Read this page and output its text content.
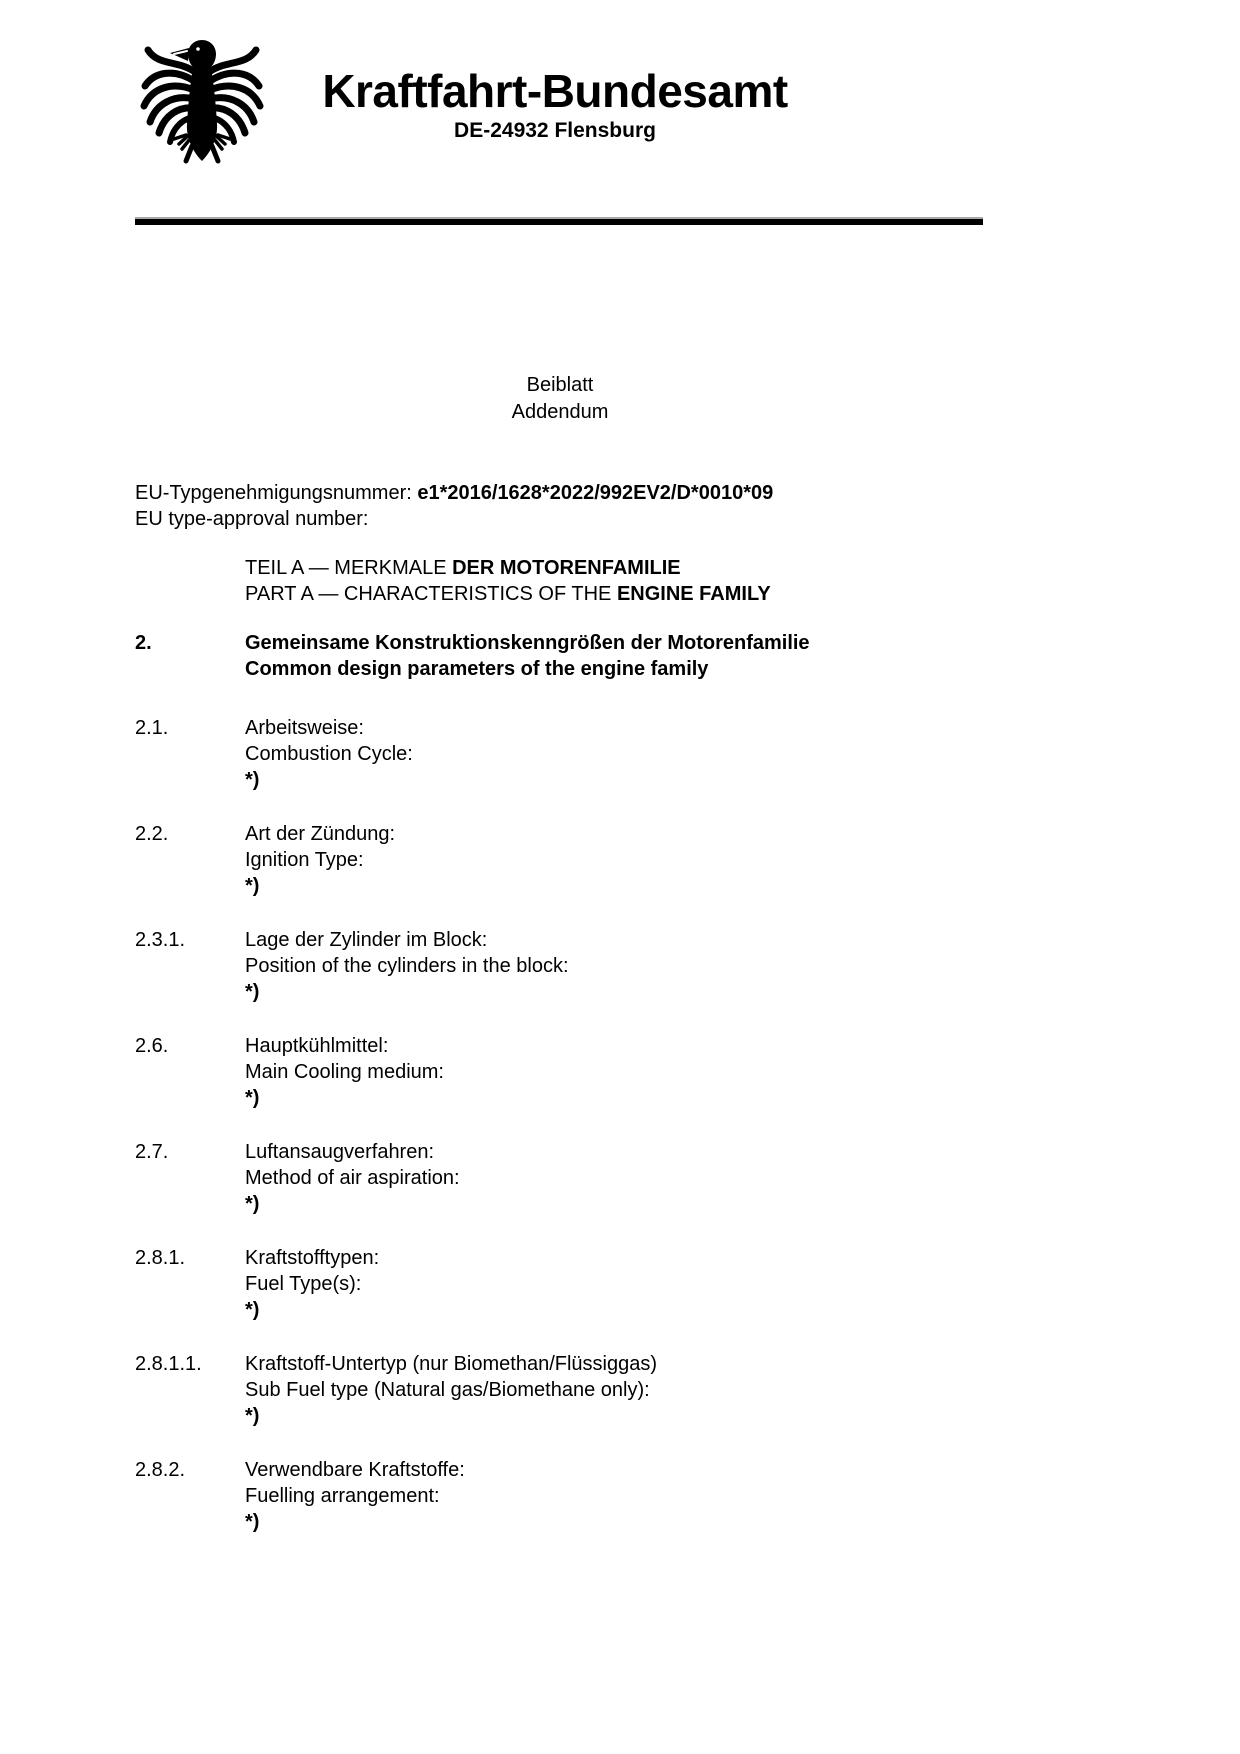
Kraftfahrt-Bundesamt
DE-24932 Flensburg
Beiblatt
Addendum
EU-Typgenehmigungsnummer: e1*2016/1628*2022/992EV2/D*0010*09
EU type-approval number:
TEIL A — MERKMALE DER MOTORENFAMILIE
PART A — CHARACTERISTICS OF THE ENGINE FAMILY
2.	Gemeinsame Konstruktionskenngrößen der Motorenfamilie
Common design parameters of the engine family
2.1.	Arbeitsweise:
Combustion Cycle:
*)
2.2.	Art der Zündung:
Ignition Type:
*)
2.3.1.	Lage der Zylinder im Block:
Position of the cylinders in the block:
*)
2.6.	Hauptkühlmittel:
Main Cooling medium:
*)
2.7.	Luftansaugverfahren:
Method of air aspiration:
*)
2.8.1.	Kraftstofftypen:
Fuel Type(s):
*)
2.8.1.1.	Kraftstoff-Untertyp (nur Biomethan/Flüssiggas)
Sub Fuel type (Natural gas/Biomethane only):
*)
2.8.2.	Verwendbare Kraftstoffe:
Fuelling arrangement:
*)
